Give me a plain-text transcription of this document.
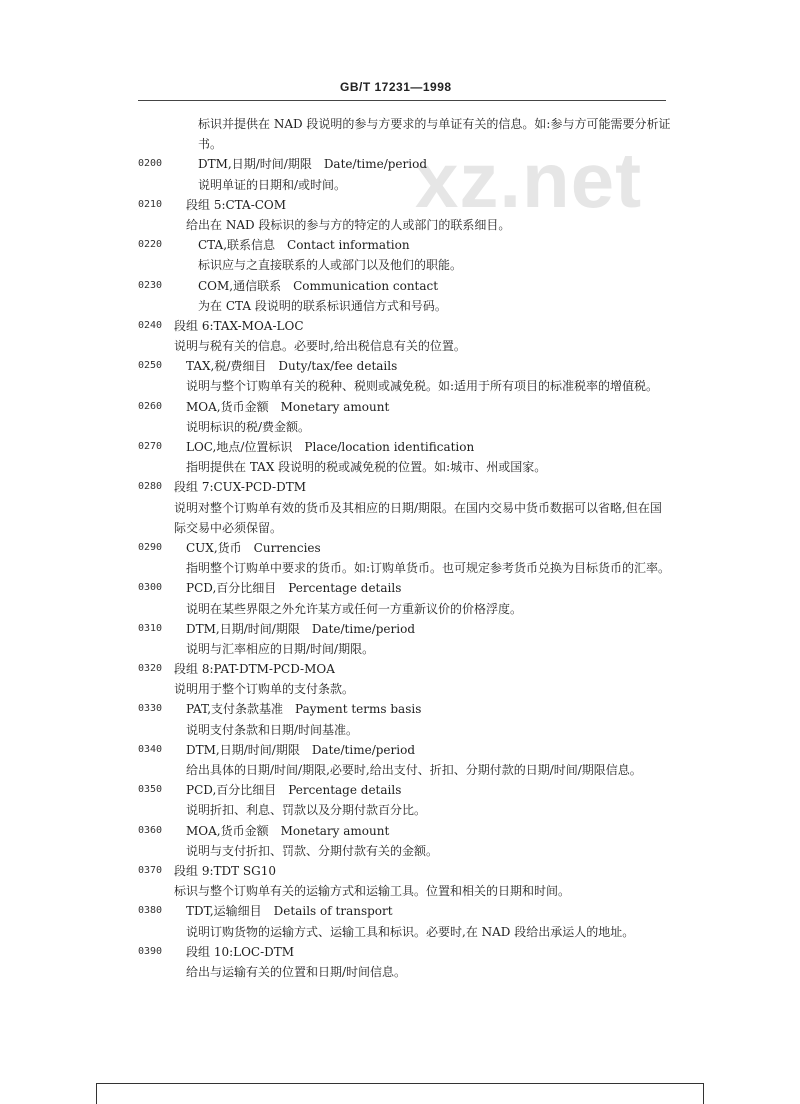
GB/T 17231—1998
xz.net
标识并提供在 NAD 段说明的参与方要求的与单证有关的信息。如:参与方可能需要分析证
书。
0200	DTM,日期/时间/期限　Date/time/period
说明单证的日期和/或时间。
0210 段组 5:CTA-COM
给出在 NAD 段标识的参与方的特定的人或部门的联系细目。
0220	CTA,联系信息　Contact information
标识应与之直接联系的人或部门以及他们的职能。
0230	COM,通信联系　Communication contact
为在 CTA 段说明的联系标识通信方式和号码。
0240 段组 6:TAX-MOA-LOC
说明与税有关的信息。必要时,给出税信息有关的位置。
0250 TAX,税/费细目　Duty/tax/fee details
说明与整个订购单有关的税种、税则或减免税。如:适用于所有项目的标准税率的增值税。
0260 MOA,货币金额　Monetary amount
说明标识的税/费金额。
0270 LOC,地点/位置标识　Place/location identification
指明提供在 TAX 段说明的税或减免税的位置。如:城市、州或国家。
0280 段组 7:CUX-PCD-DTM
说明对整个订购单有效的货币及其相应的日期/期限。在国内交易中货币数据可以省略,但在国
际交易中必须保留。
0290 CUX,货币　Currencies
指明整个订购单中要求的货币。如:订购单货币。也可规定参考货币兑换为目标货币的汇率。
0300 PCD,百分比细目　Percentage details
说明在某些界限之外允许某方或任何一方重新议价的价格浮度。
0310 DTM,日期/时间/期限　Date/time/period
说明与汇率相应的日期/时间/期限。
0320 段组 8:PAT-DTM-PCD-MOA
说明用于整个订购单的支付条款。
0330 PAT,支付条款基准　Payment terms basis
说明支付条款和日期/时间基准。
0340 DTM,日期/时间/期限　Date/time/period
给出具体的日期/时间/期限,必要时,给出支付、折扣、分期付款的日期/时间/期限信息。
0350 PCD,百分比细目　Percentage details
说明折扣、利息、罚款以及分期付款百分比。
0360 MOA,货币金额　Monetary amount
说明与支付折扣、罚款、分期付款有关的金额。
0370 段组 9:TDT SG10
标识与整个订购单有关的运输方式和运输工具。位置和相关的日期和时间。
0380 TDT,运输细目　Details of transport
说明订购货物的运输方式、运输工具和标识。必要时,在 NAD 段给出承运人的地址。
0390 段组 10:LOC-DTM
给出与运输有关的位置和日期/时间信息。
